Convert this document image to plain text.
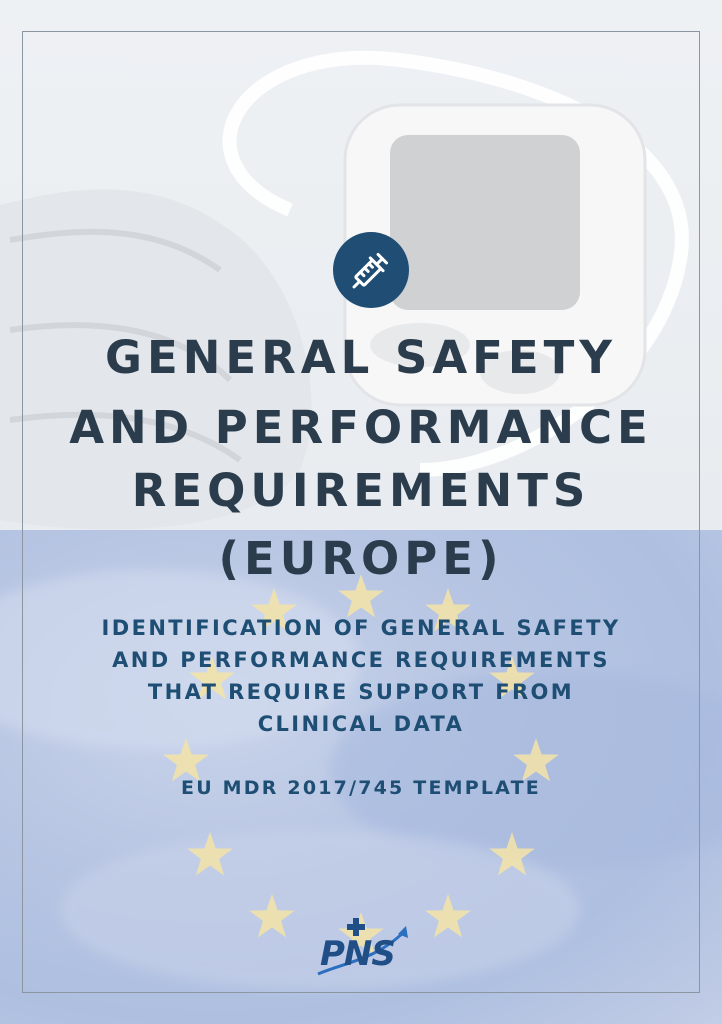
GENERAL SAFETY
AND PERFORMANCE
REQUIREMENTS
(EUROPE)
IDENTIFICATION OF GENERAL SAFETY
AND PERFORMANCE REQUIREMENTS
THAT REQUIRE SUPPORT FROM
CLINICAL DATA
EU MDR 2017/745 TEMPLATE
PNS
